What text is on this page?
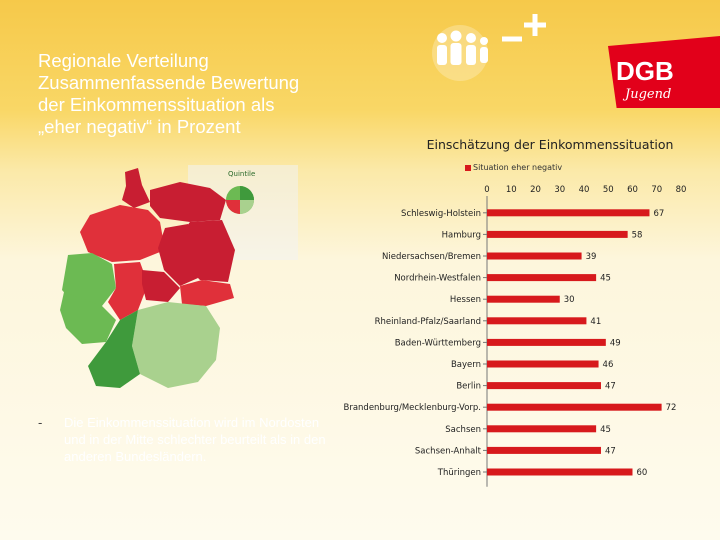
Regionale Verteilung
Zusammenfassende Bewertung
der Einkommenssituation als
„eher negativ“ in Prozent
DGB
Jugend
Quintile
- Die Einkommenssituation wird im Nordosten und in der Mitte schlechter beurteilt als in den anderen Bundesländern.
Einschätzung der Einkommenssituation
Situation eher negativ
0 10 20 30 40 50 60 70 80
Schleswig-Holstein	67
Hamburg	58
Niedersachsen/Bremen	39
Nordrhein-Westfalen	45
Hessen	30
Rheinland-Pfalz/Saarland	41
Baden-Württemberg	49
Bayern	46
Berlin	47
Brandenburg/Mecklenburg-Vorp.	72
Sachsen	45
Sachsen-Anhalt	47
Thüringen	60
